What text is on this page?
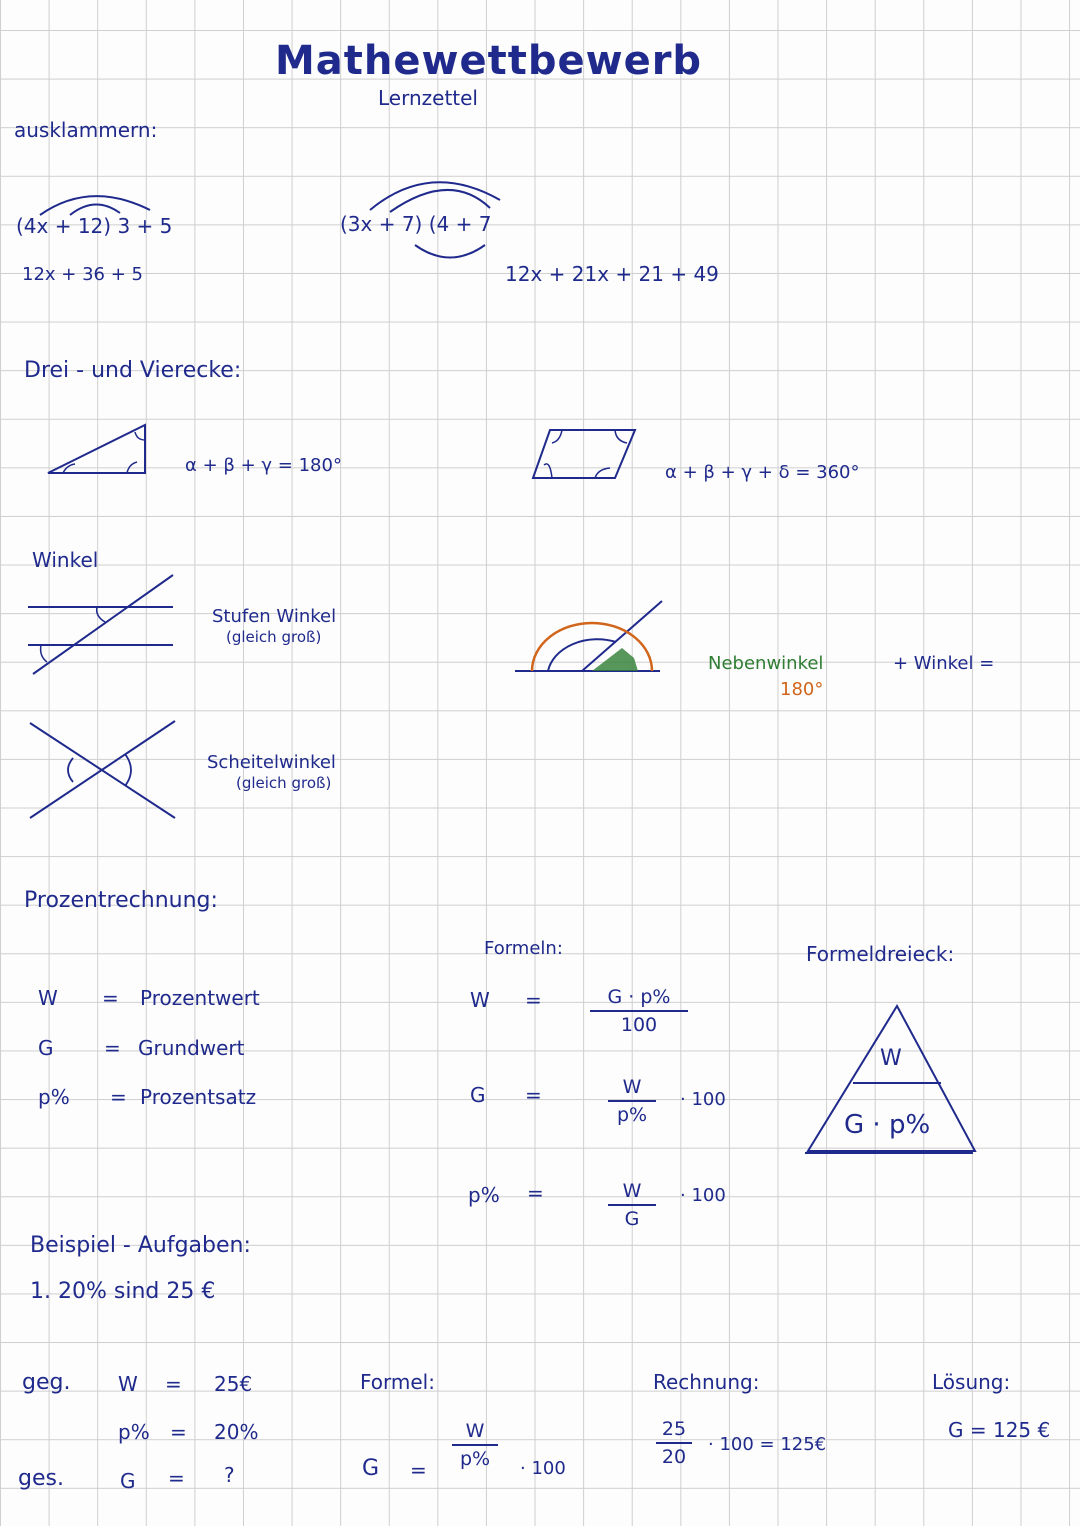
Mathewettbewerb
Lernzettel
ausklammern:
(4x + 12) 3 + 5
12x + 36 + 5
(3x + 7) (4 + 7
12x + 21x + 21 + 49
Drei - und Vierecke:
α + β + γ = 180°	α + β + γ + δ = 360°
Winkel
Stufen Winkel
(gleich groß)
Nebenwinkel	+ Winkel =
180°
Scheitelwinkel
(gleich groß)
Prozentrechnung:
W = Prozentwert
G	= Grundwert
p% = Prozentsatz
Formeln:
W =	G · p%
100
G =	W
p%
· 100
p% =	W
G
· 100
Formeldreieck:
W
G · p%
Beispiel - Aufgaben:
1. 20% sind 25 €
geg.
ges.
W = 25€
p% = 20%
G = ?
Formel:
G =
W
p%	· 100
Rechnung:
25
20
· 100 = 125€
Lösung:
G = 125 €
